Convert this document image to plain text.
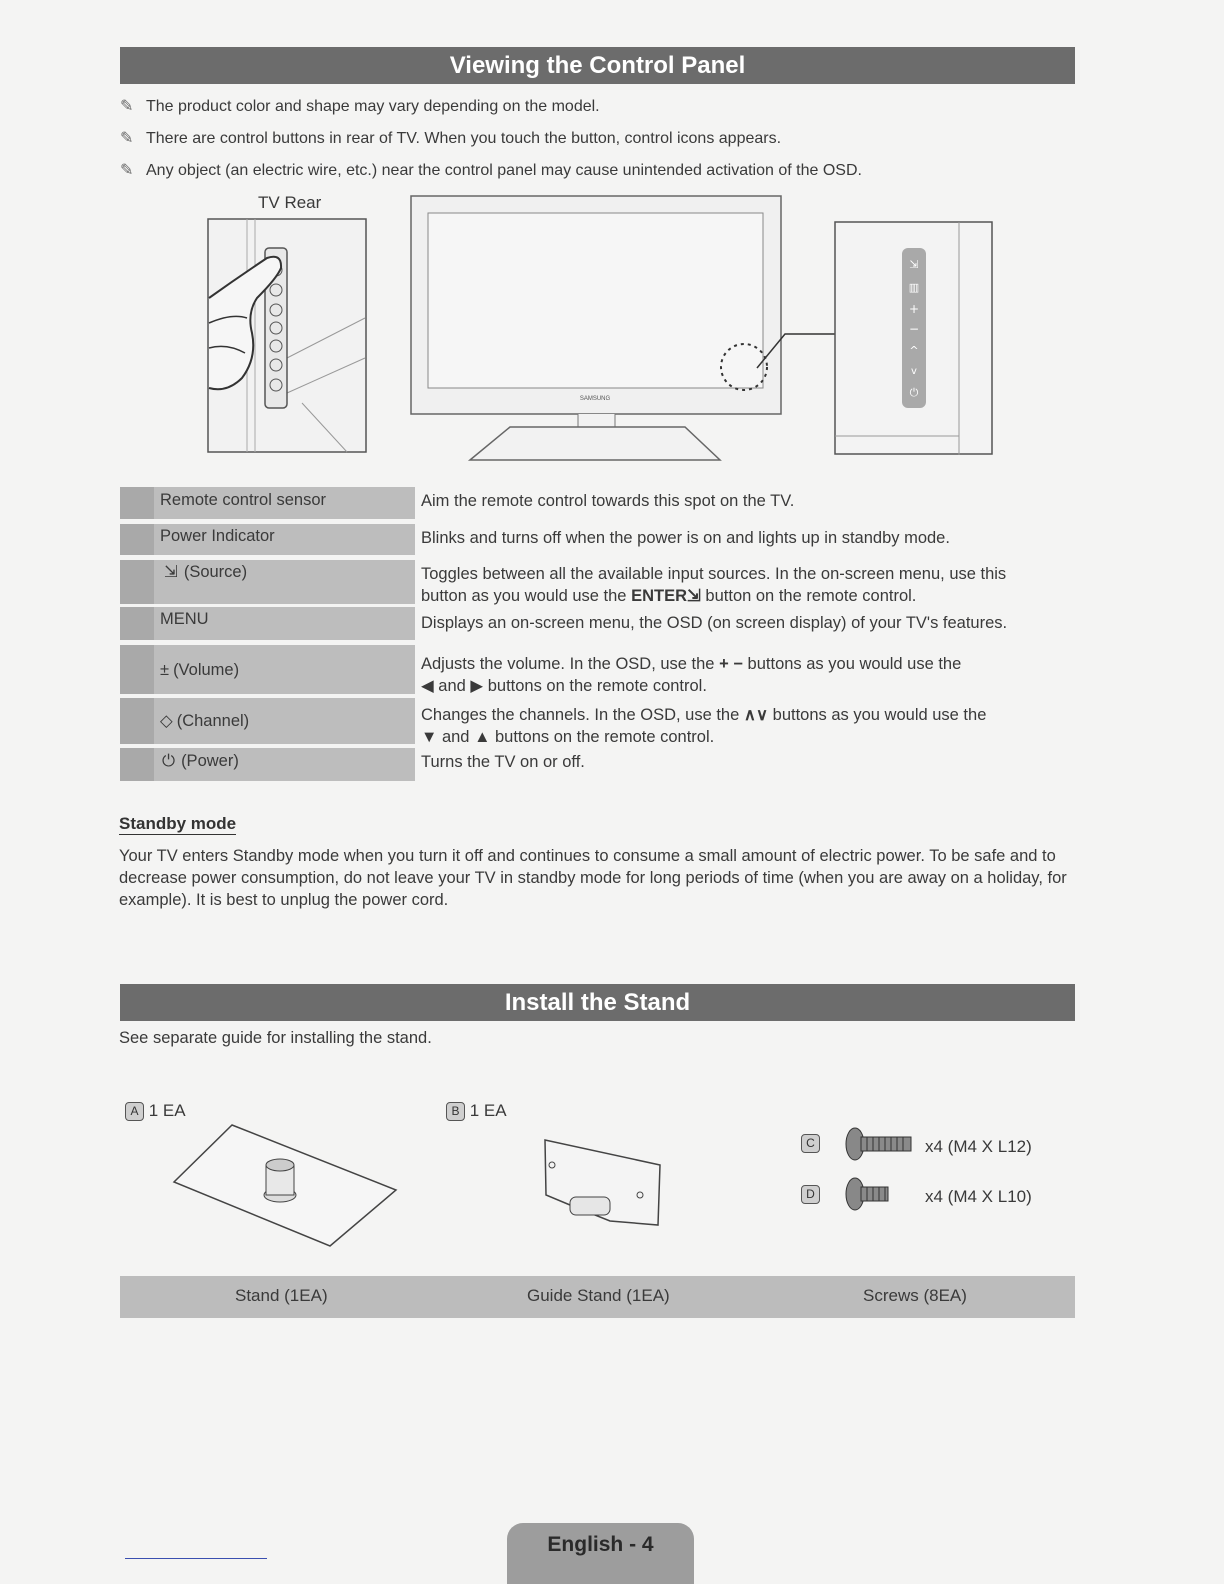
Viewing the Control Panel
✎ The product color and shape may vary depending on the model.
✎ There are control buttons in rear of TV. When you touch the button, control icons appears.
✎ Any object (an electric wire, etc.) near the control panel may cause unintended activation of the OSD.
TV Rear
SAMSUNG
⇲
▥
+
−
^
v
⏻
Remote control sensor	Aim the remote control towards this spot on the TV.
Power Indicator	Blinks and turns off when the power is on and lights up in standby mode.
⇲ (Source)	Toggles between all the available input sources. In the on-screen menu, use this button as you would use the ENTER⇲ button on the remote control.
MENU	Displays an on-screen menu, the OSD (on screen display) of your TV's features.
± (Volume)	Adjusts the volume. In the OSD, use the + − buttons as you would use the
◀ and ▶ buttons on the remote control.
◇ (Channel)	Changes the channels. In the OSD, use the ∧∨ buttons as you would use the
▼ and ▲ buttons on the remote control.
⏻ (Power)	Turns the TV on or off.
Standby mode
Your TV enters Standby mode when you turn it off and continues to consume a small amount of electric power. To be safe and to decrease power consumption, do not leave your TV in standby mode for long periods of time (when you are away on a holiday, for example). It is best to unplug the power cord.
Install the Stand
See separate guide for installing the stand.
A 1 EA	B 1 EA
C	x4 (M4 X L12)
D	x4 (M4 X L10)
Stand (1EA)	Guide Stand (1EA)	Screws (8EA)
English - 4
